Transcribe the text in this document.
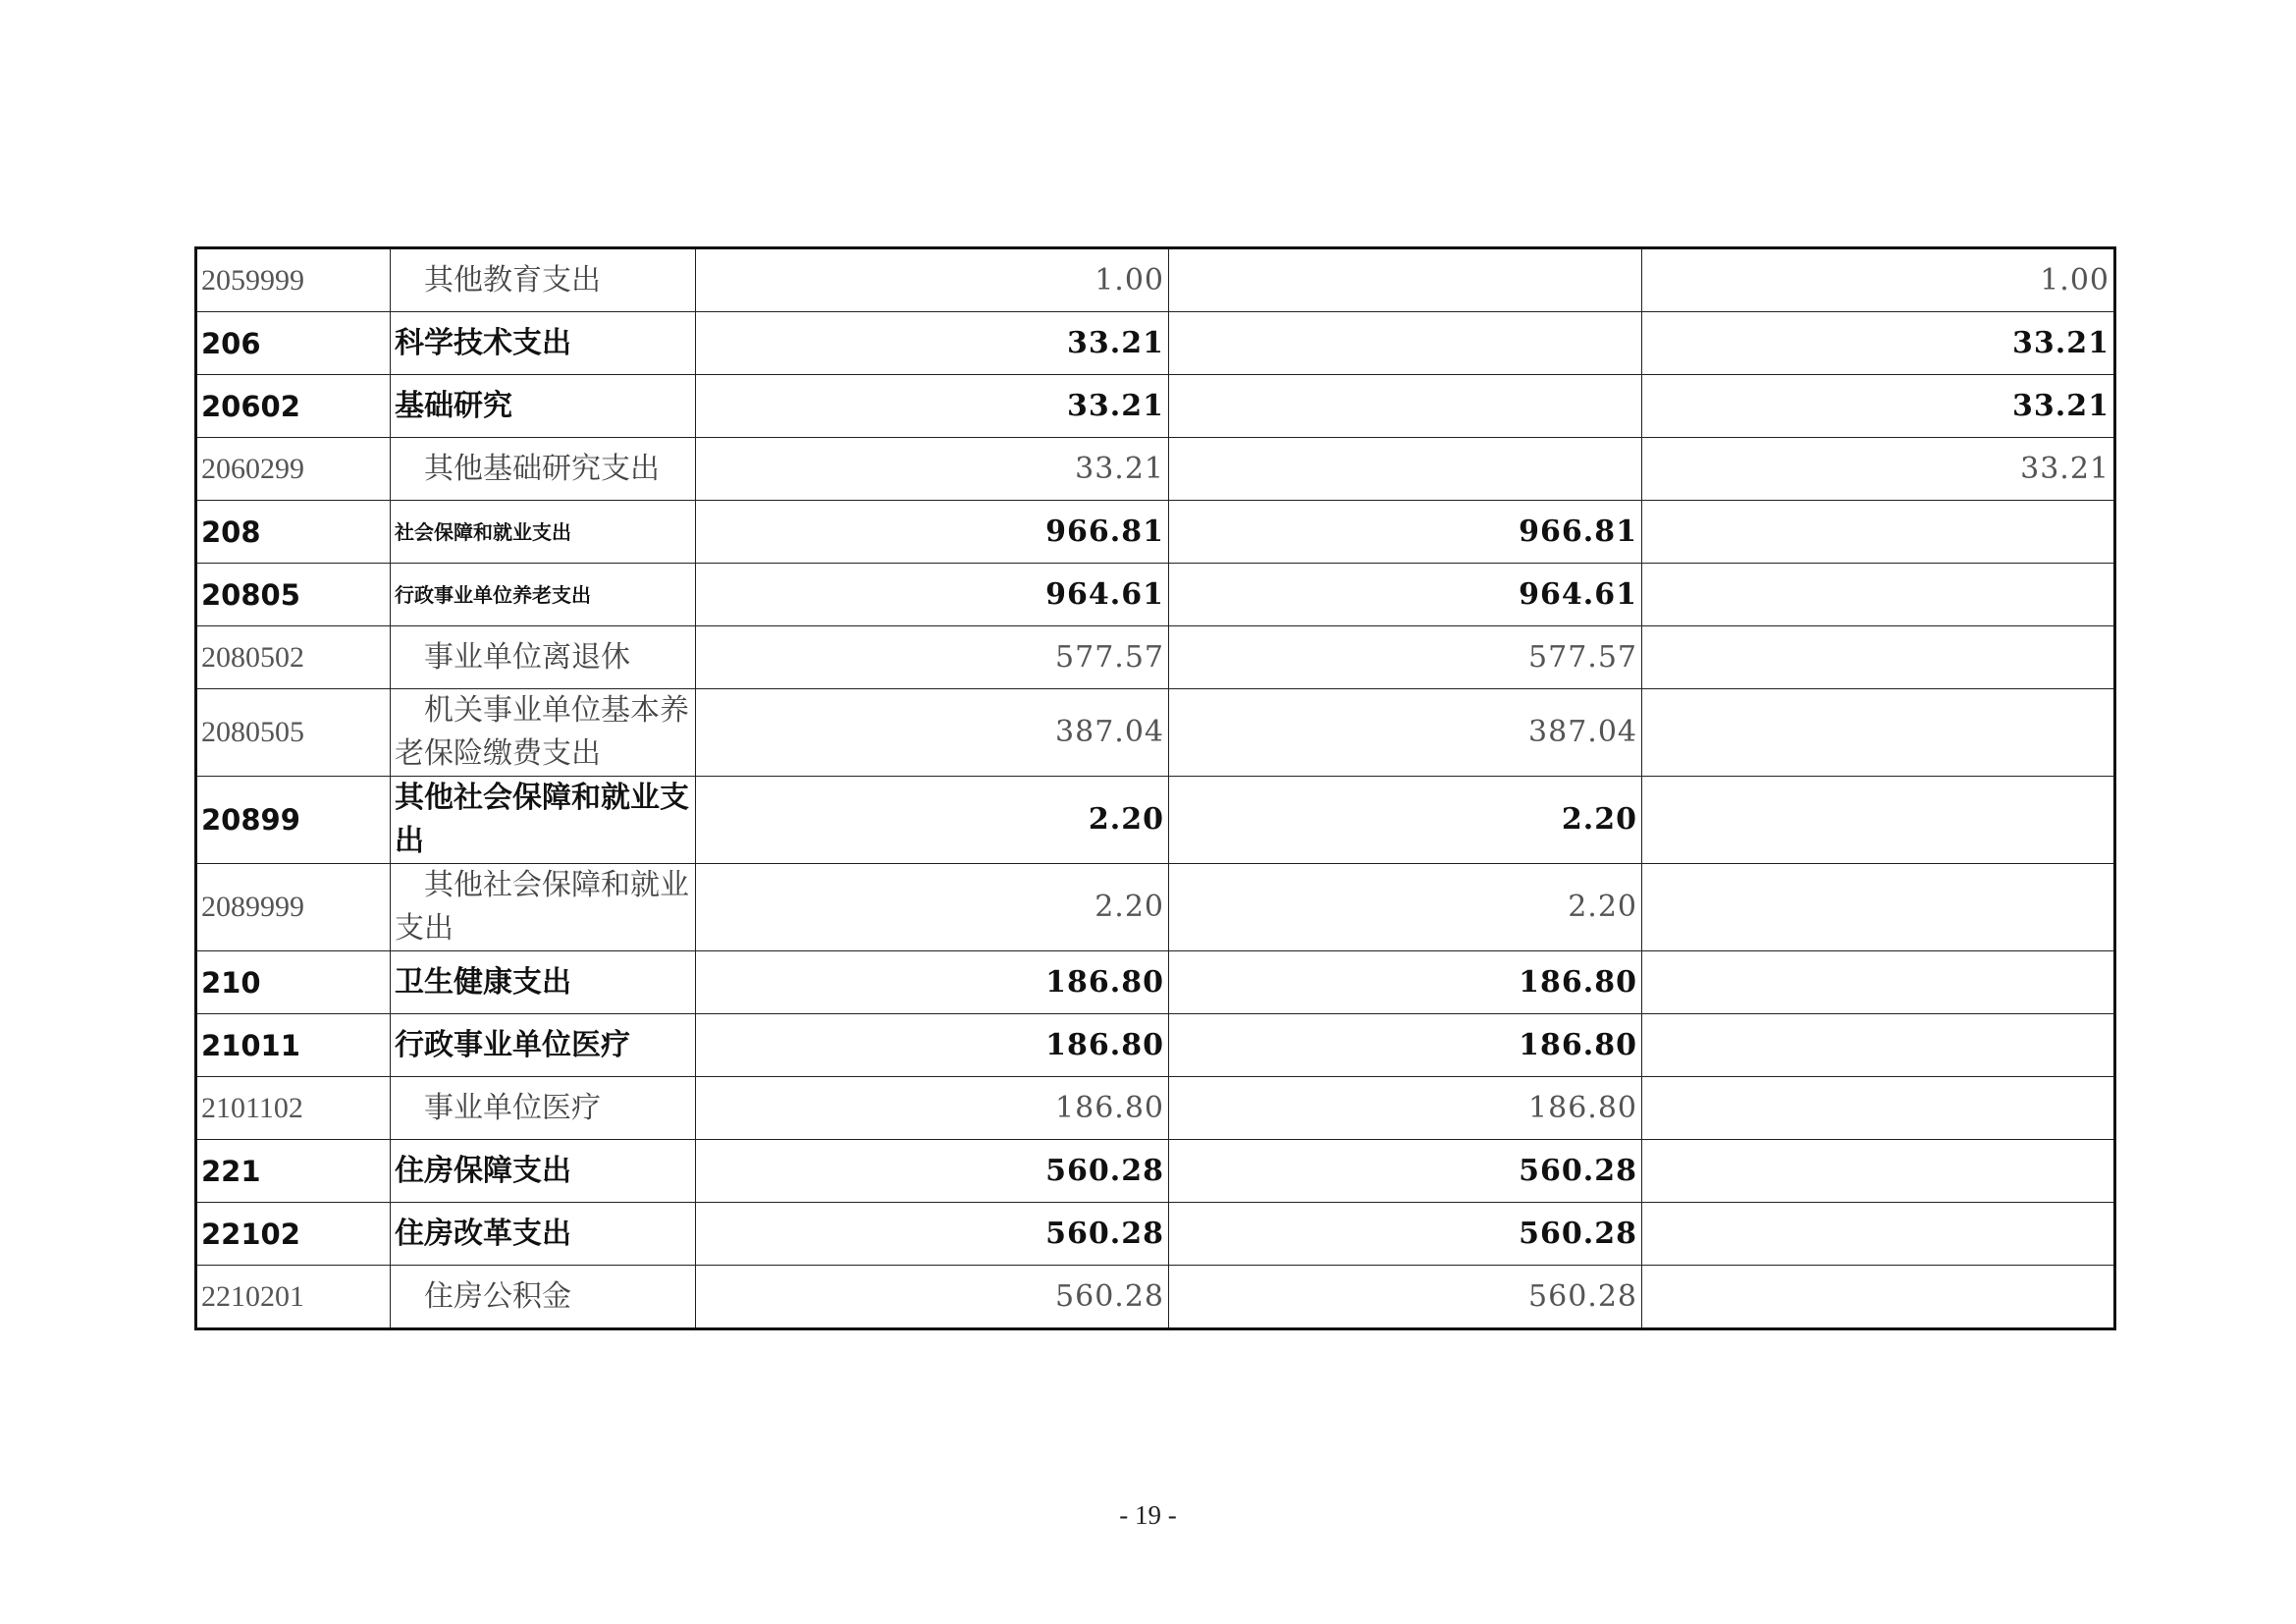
2059999	其他教育支出	1.00		1.00
206	科学技术支出	33.21		33.21
20602	基础研究	33.21		33.21
2060299	其他基础研究支出	33.21		33.21
208	社会保障和就业支出	966.81	966.81	
20805	行政事业单位养老支出	964.61	964.61	
2080502	事业单位离退休	577.57	577.57	
2080505	机关事业单位基本养老保险缴费支出	387.04	387.04	
20899	其他社会保障和就业支出	2.20	2.20	
2089999	其他社会保障和就业支出	2.20	2.20	
210	卫生健康支出	186.80	186.80	
21011	行政事业单位医疗	186.80	186.80	
2101102	事业单位医疗	186.80	186.80	
221	住房保障支出	560.28	560.28	
22102	住房改革支出	560.28	560.28	
2210201	住房公积金	560.28	560.28	
- 19 -
